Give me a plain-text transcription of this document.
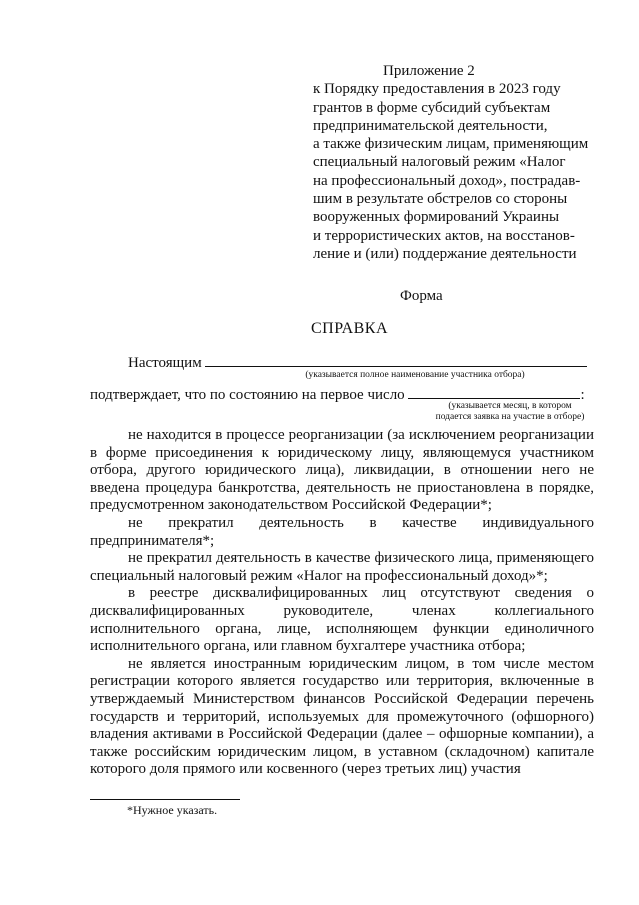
Приложение 2
к Порядку предоставления в 2023 году
грантов в форме субсидий субъектам
предпринимательской деятельности,
а также физическим лицам, применяющим
специальный налоговый режим «Налог
на профессиональный доход», пострадав-
шим в результате обстрелов со стороны
вооруженных формирований Украины
и террористических актов, на восстанов-
ление и (или) поддержание деятельности
Форма
СПРАВКА
Настоящим
(указывается полное наименование участника отбора)
подтверждает, что по состоянию на первое число	:
(указывается месяц, в котором
подается заявка на участие в отборе)

не находится в процессе реорганизации (за исключением реорганизации в форме присоединения к юридическому лицу, являющемуся участником отбора, другого юридического лица), ликвидации, в отношении него не введена процедура банкротства, деятельность не приостановлена в порядке, предусмотренном законодательством Российской Федерации*;

не прекратил деятельность в качестве индивидуального предпринимателя*;

не прекратил деятельность в качестве физического лица, применяющего специальный налоговый режим «Налог на профессиональный доход»*;

в реестре дисквалифицированных лиц отсутствуют сведения о дисквалифицированных руководителе, членах коллегиального исполнительного органа, лице, исполняющем функции единоличного исполнительного органа, или главном бухгалтере участника отбора;

не является иностранным юридическим лицом, в том числе местом регистрации которого является государство или территория, включенные в утверждаемый Министерством финансов Российской Федерации перечень государств и территорий, используемых для промежуточного (офшорного) владения активами в Российской Федерации (далее – офшорные компании), а также российским юридическим лицом, в уставном (складочном) капитале которого доля прямого или косвенного (через третьих лиц) участия

*Нужное указать.
